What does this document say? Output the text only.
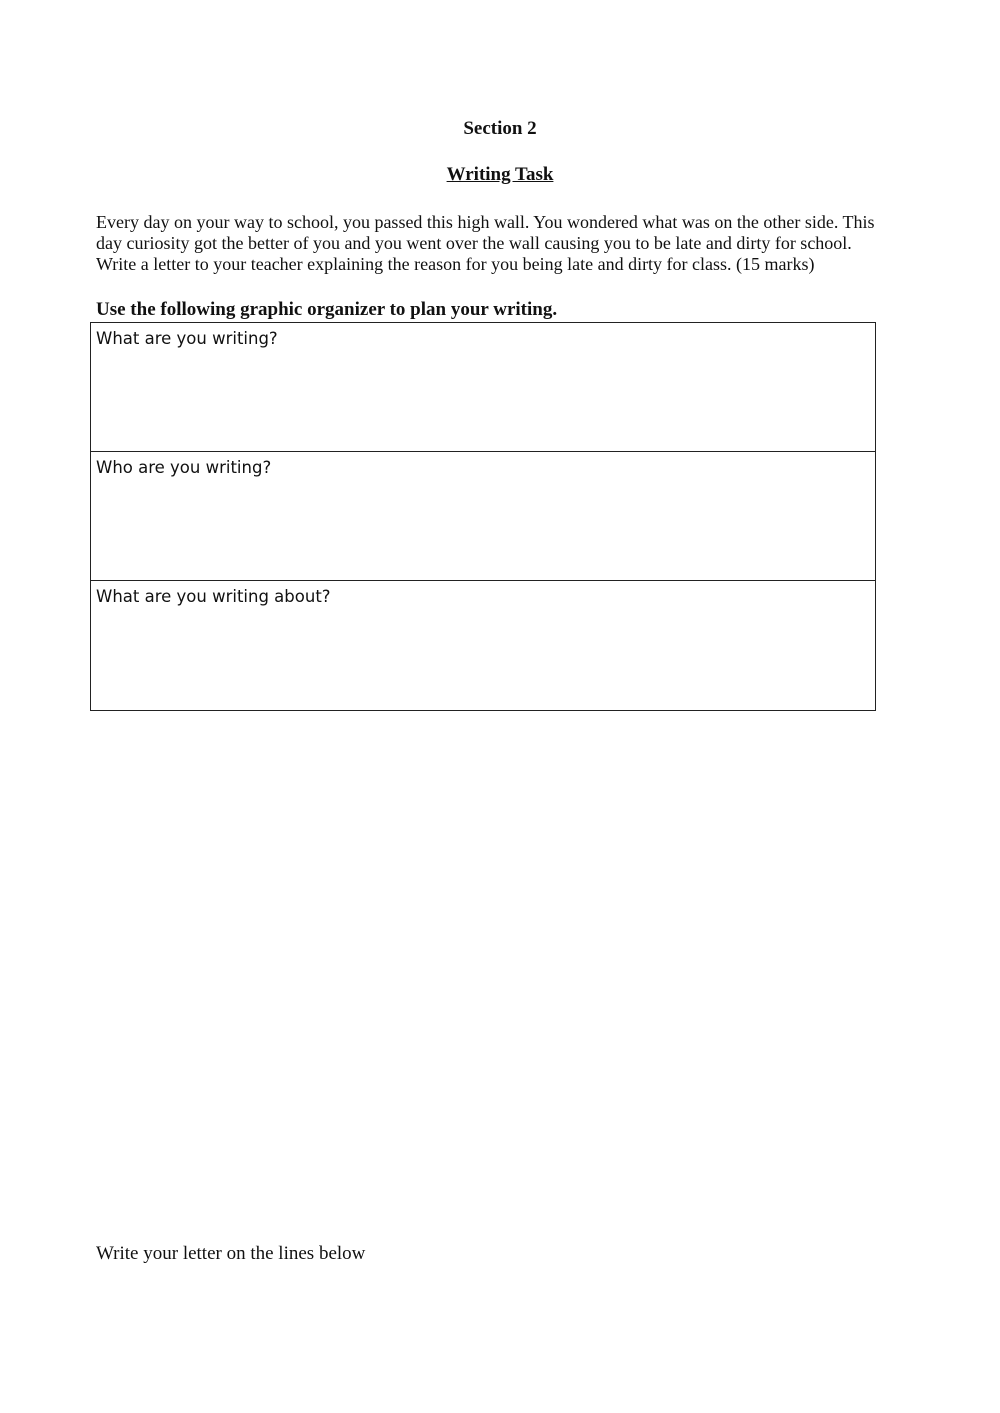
Section 2
Writing Task
Every day on your way to school, you passed this high wall. You wondered what was on the other side. This
day curiosity got the better of you and you went over the wall causing you to be late and dirty for school.
Write a letter to your teacher explaining the reason for you being late and dirty for class. (15 marks)
Use the following graphic organizer to plan your writing.
What are you writing?
Who are you writing?
What are you writing about?
Write your letter on the lines below
